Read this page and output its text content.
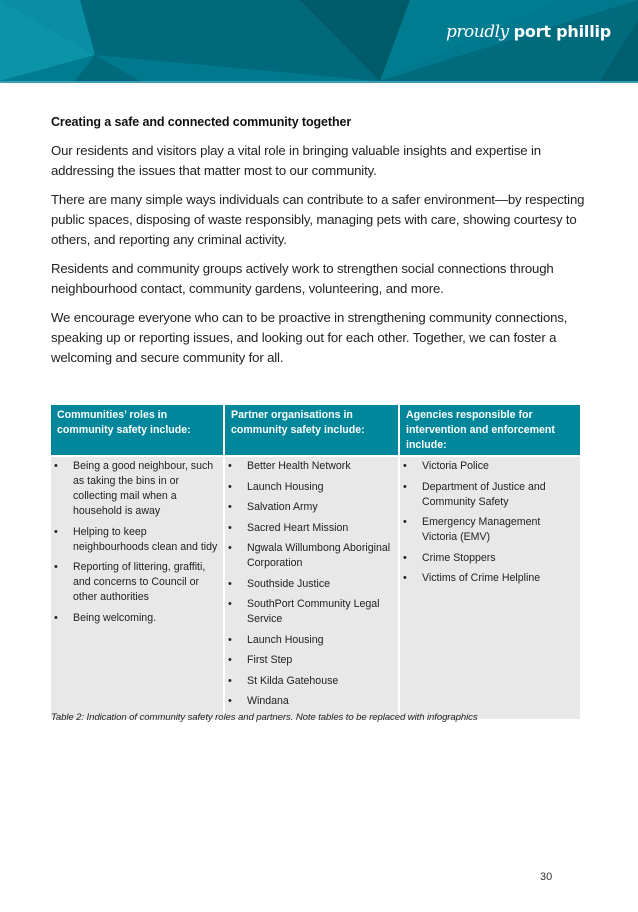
proudly port phillip
Creating a safe and connected community together

Our residents and visitors play a vital role in bringing valuable insights and expertise in addressing the issues that matter most to our community.

There are many simple ways individuals can contribute to a safer environment—by respecting public spaces, disposing of waste responsibly, managing pets with care, showing courtesy to others, and reporting any criminal activity.

Residents and community groups actively work to strengthen social connections through neighbourhood contact, community gardens, volunteering, and more.

We encourage everyone who can to be proactive in strengthening community connections, speaking up or reporting issues, and looking out for each other. Together, we can foster a welcoming and secure community for all.

Communities’ roles in community safety include:	Partner organisations in community safety include:	Agencies responsible for intervention and enforcement include:

• Being a good neighbour, such as taking the bins in or collecting mail when a household is away
• Helping to keep neighbourhoods clean and tidy
• Reporting of littering, graffiti, and concerns to Council or other authorities
• Being welcoming.

• Better Health Network
• Launch Housing
• Salvation Army
• Sacred Heart Mission
• Ngwala Willumbong Aboriginal Corporation
• Southside Justice
• SouthPort Community Legal Service
• Launch Housing
• First Step
• St Kilda Gatehouse
• Windana

• Victoria Police
• Department of Justice and Community Safety
• Emergency Management Victoria (EMV)
• Crime Stoppers
• Victims of Crime Helpline
Table 2: Indication of community safety roles and partners. Note tables to be replaced with infographics
30
